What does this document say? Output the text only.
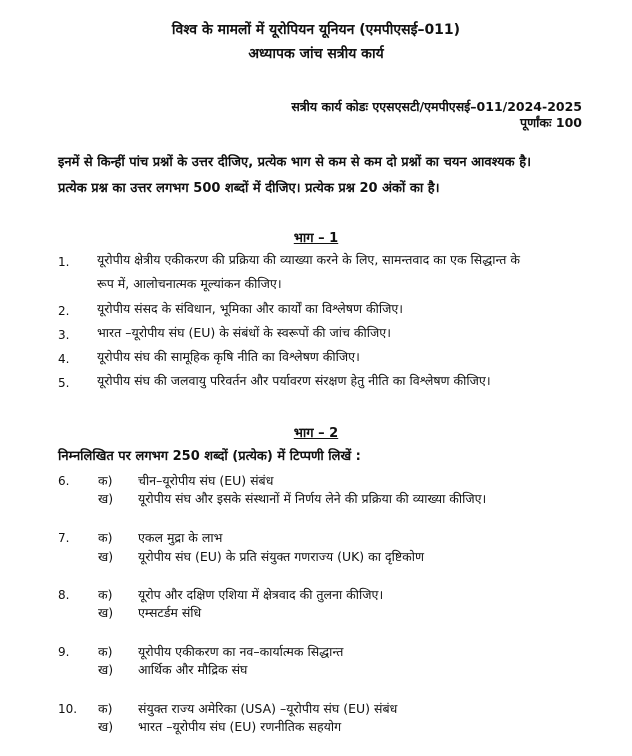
विश्व के मामलों में यूरोपियन यूनियन (एमपीएसई–011)
अध्यापक जांच सत्रीय कार्य
सत्रीय कार्य कोडः एएसएसटी/एमपीएसई–011/2024-2025
पूर्णांकः 100
इनमें से किन्हीं पांच प्रश्नों के उत्तर दीजिए, प्रत्येक भाग से कम से कम दो प्रश्नों का चयन आवश्यक है।
प्रत्येक प्रश्न का उत्तर लगभग 500 शब्दों में दीजिए। प्रत्येक प्रश्न 20 अंकों का है।
भाग – 1
1. यूरोपीय क्षेत्रीय एकीकरण की प्रक्रिया की व्याख्या करने के लिए, सामन्तवाद का एक सिद्धान्त के
रूप में, आलोचनात्मक मूल्यांकन कीजिए।
2. यूरोपीय संसद के संविधान, भूमिका और कार्यों का विश्लेषण कीजिए।
3. भारत –यूरोपीय संघ (EU) के संबंधों के स्वरूपों की जांच कीजिए।
4. यूरोपीय संघ की सामूहिक कृषि नीति का विश्लेषण कीजिए।
5. यूरोपीय संघ की जलवायु परिवर्तन और पर्यावरण संरक्षण हेतु नीति का विश्लेषण कीजिए।
भाग – 2
निम्नलिखित पर लगभग 250 शब्दों (प्रत्येक) में टिप्पणी लिखें :
6. क) चीन–यूरोपीय संघ (EU) संबंध
ख) यूरोपीय संघ और इसके संस्थानों में निर्णय लेने की प्रक्रिया की व्याख्या कीजिए।
7. क) एकल मुद्रा के लाभ
ख) यूरोपीय संघ (EU) के प्रति संयुक्त गणराज्य (UK) का दृष्टिकोण
8. क) यूरोप और दक्षिण एशिया में क्षेत्रवाद की तुलना कीजिए।
ख) एम्सटर्डम संधि
9. क) यूरोपीय एकीकरण का नव–कार्यात्मक सिद्धान्त
ख) आर्थिक और मौद्रिक संघ
10. क) संयुक्त राज्य अमेरिका (USA) –यूरोपीय संघ (EU) संबंध
ख) भारत –यूरोपीय संघ (EU) रणनीतिक सहयोग
